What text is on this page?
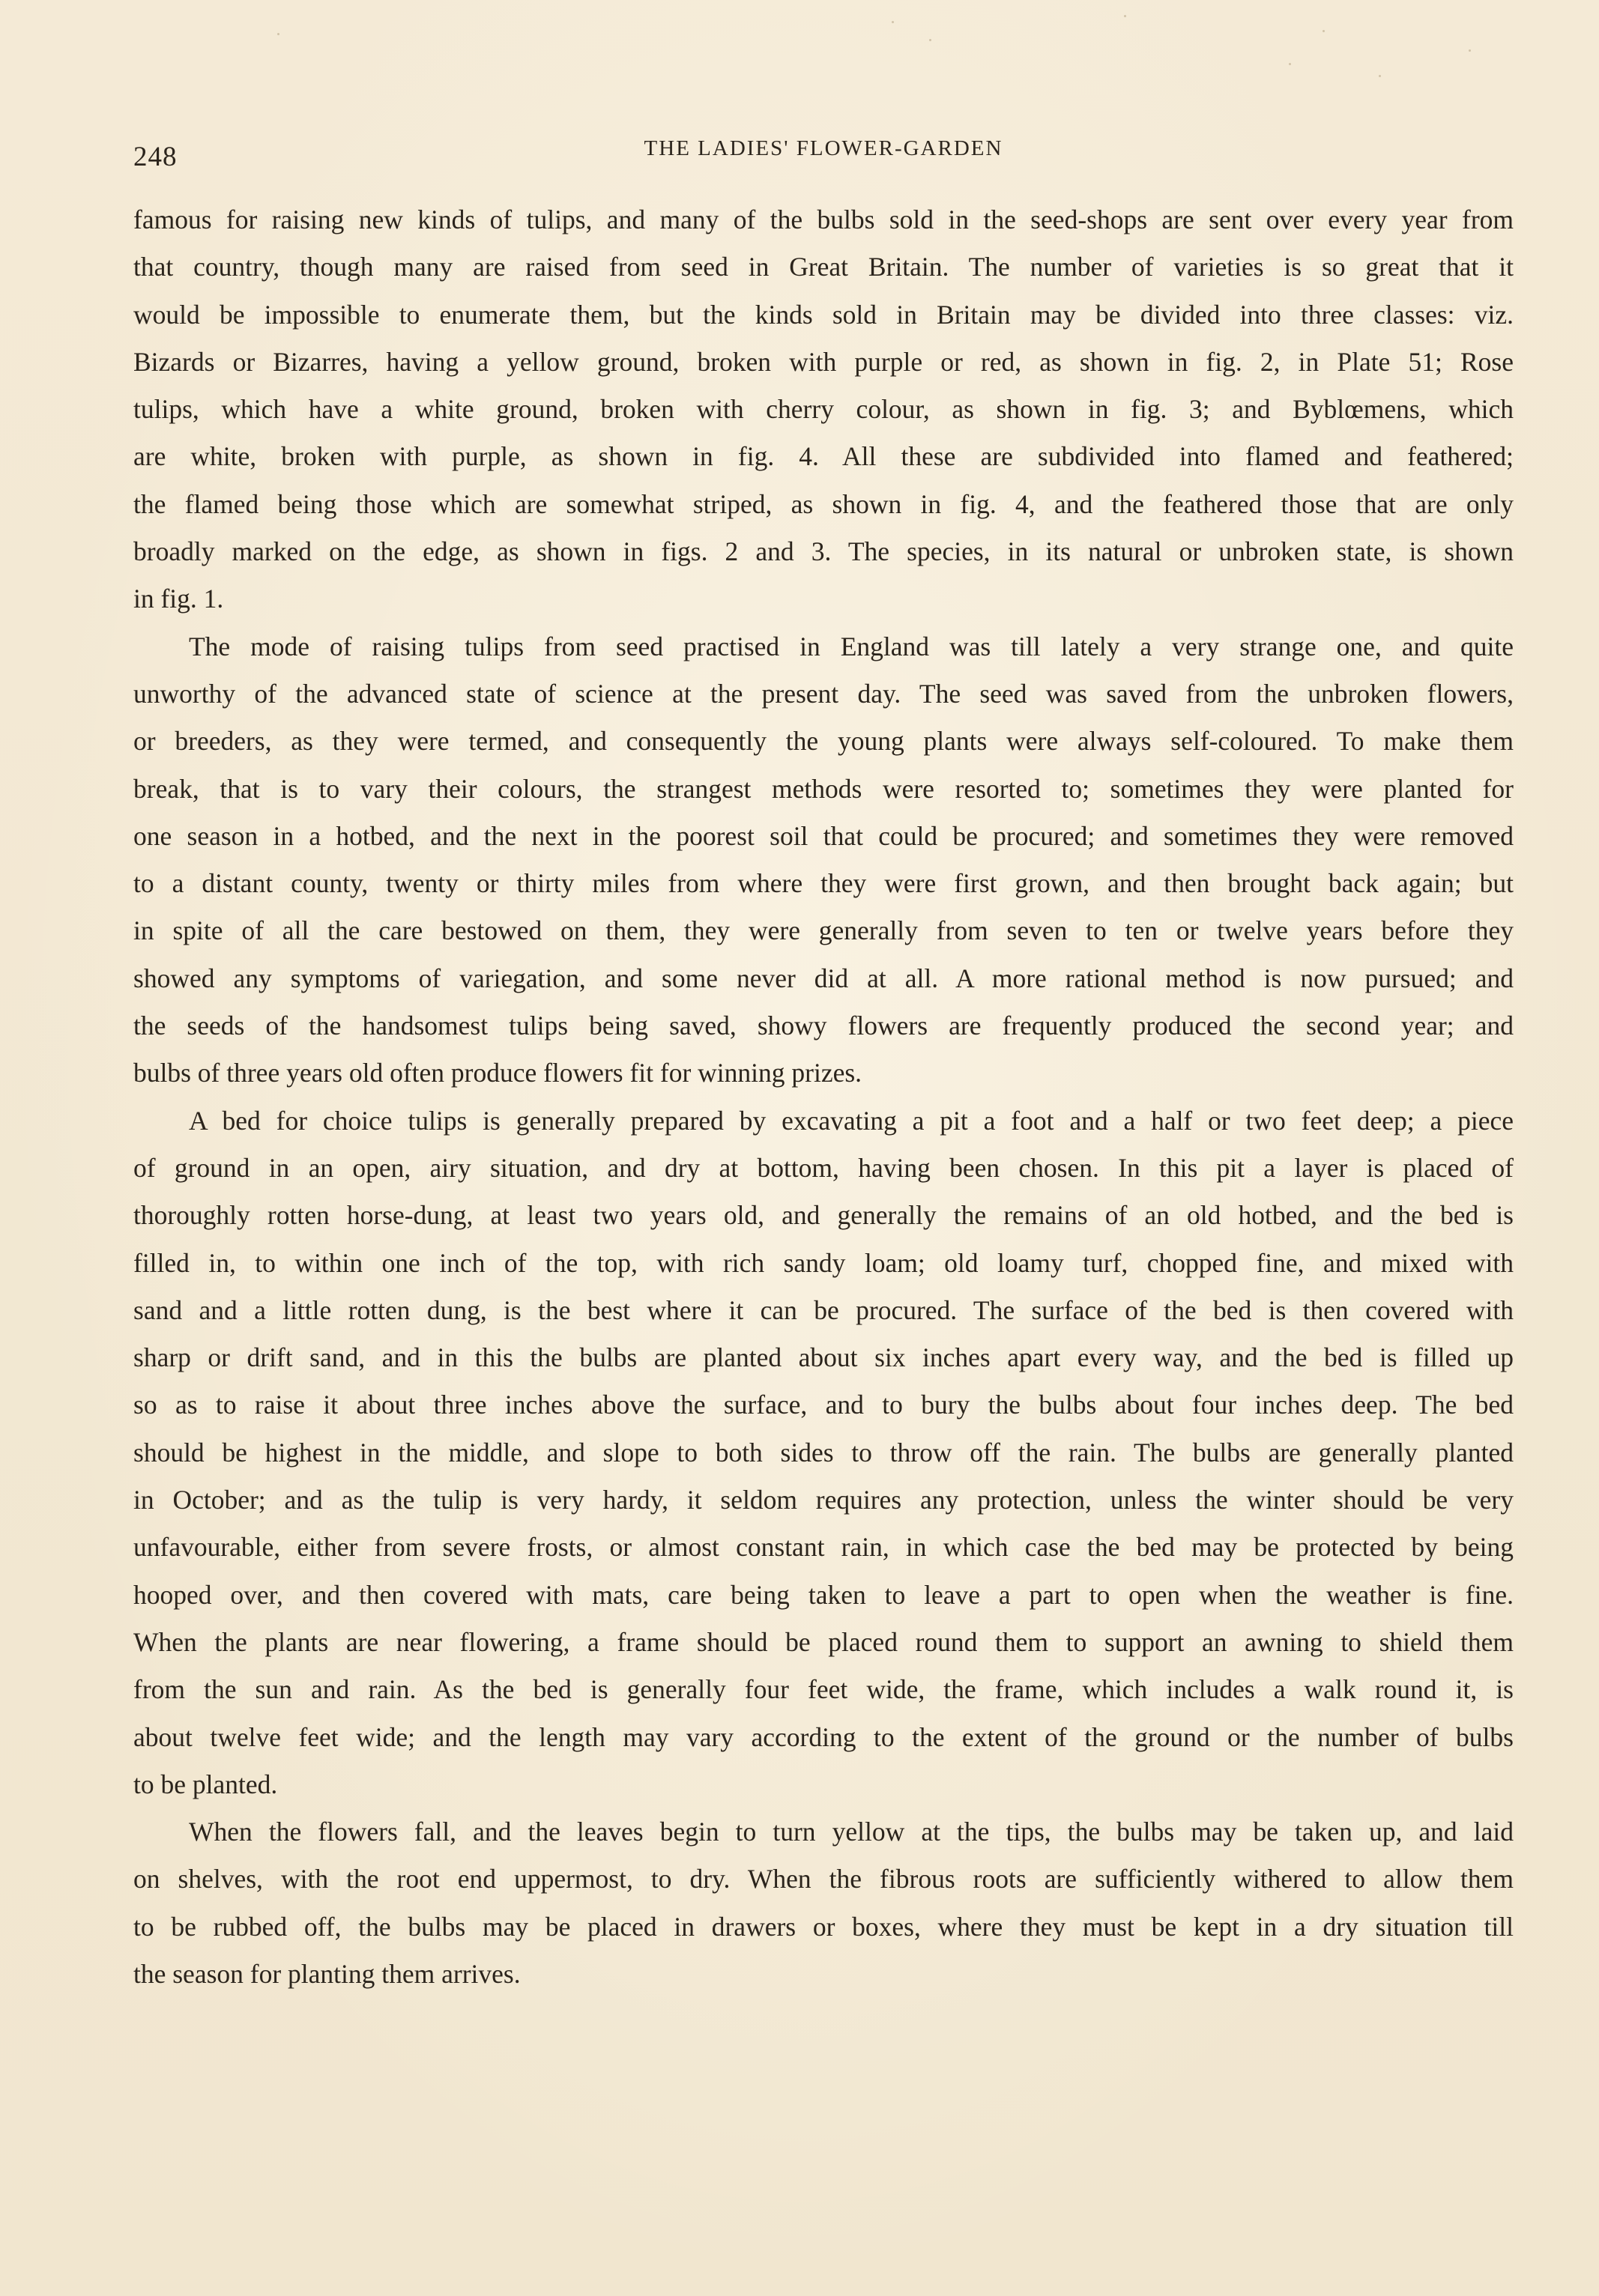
248	THE LADIES' FLOWER-GARDEN
famous for raising new kinds of tulips, and many of the bulbs sold in the seed-shops are sent over every year from
that country, though many are raised from seed in Great Britain. The number of varieties is so great that it
would be impossible to enumerate them, but the kinds sold in Britain may be divided into three classes: viz.
Bizards or Bizarres, having a yellow ground, broken with purple or red, as shown in fig. 2, in Plate 51; Rose
tulips, which have a white ground, broken with cherry colour, as shown in fig. 3; and Byblœmens, which
are white, broken with purple, as shown in fig. 4. All these are subdivided into flamed and feathered;
the flamed being those which are somewhat striped, as shown in fig. 4, and the feathered those that are only
broadly marked on the edge, as shown in figs. 2 and 3. The species, in its natural or unbroken state, is shown
in fig. 1.
The mode of raising tulips from seed practised in England was till lately a very strange one, and quite
unworthy of the advanced state of science at the present day. The seed was saved from the unbroken flowers,
or breeders, as they were termed, and consequently the young plants were always self-coloured. To make them
break, that is to vary their colours, the strangest methods were resorted to; sometimes they were planted for
one season in a hotbed, and the next in the poorest soil that could be procured; and sometimes they were removed
to a distant county, twenty or thirty miles from where they were first grown, and then brought back again; but
in spite of all the care bestowed on them, they were generally from seven to ten or twelve years before they
showed any symptoms of variegation, and some never did at all. A more rational method is now pursued; and
the seeds of the handsomest tulips being saved, showy flowers are frequently produced the second year; and
bulbs of three years old often produce flowers fit for winning prizes.
A bed for choice tulips is generally prepared by excavating a pit a foot and a half or two feet deep; a piece
of ground in an open, airy situation, and dry at bottom, having been chosen. In this pit a layer is placed of
thoroughly rotten horse-dung, at least two years old, and generally the remains of an old hotbed, and the bed is
filled in, to within one inch of the top, with rich sandy loam; old loamy turf, chopped fine, and mixed with
sand and a little rotten dung, is the best where it can be procured. The surface of the bed is then covered with
sharp or drift sand, and in this the bulbs are planted about six inches apart every way, and the bed is filled up
so as to raise it about three inches above the surface, and to bury the bulbs about four inches deep. The bed
should be highest in the middle, and slope to both sides to throw off the rain. The bulbs are generally planted
in October; and as the tulip is very hardy, it seldom requires any protection, unless the winter should be very
unfavourable, either from severe frosts, or almost constant rain, in which case the bed may be protected by being
hooped over, and then covered with mats, care being taken to leave a part to open when the weather is fine.
When the plants are near flowering, a frame should be placed round them to support an awning to shield them
from the sun and rain. As the bed is generally four feet wide, the frame, which includes a walk round it, is
about twelve feet wide; and the length may vary according to the extent of the ground or the number of bulbs
to be planted.
When the flowers fall, and the leaves begin to turn yellow at the tips, the bulbs may be taken up, and laid
on shelves, with the root end uppermost, to dry. When the fibrous roots are sufficiently withered to allow them
to be rubbed off, the bulbs may be placed in drawers or boxes, where they must be kept in a dry situation till
the season for planting them arrives.
